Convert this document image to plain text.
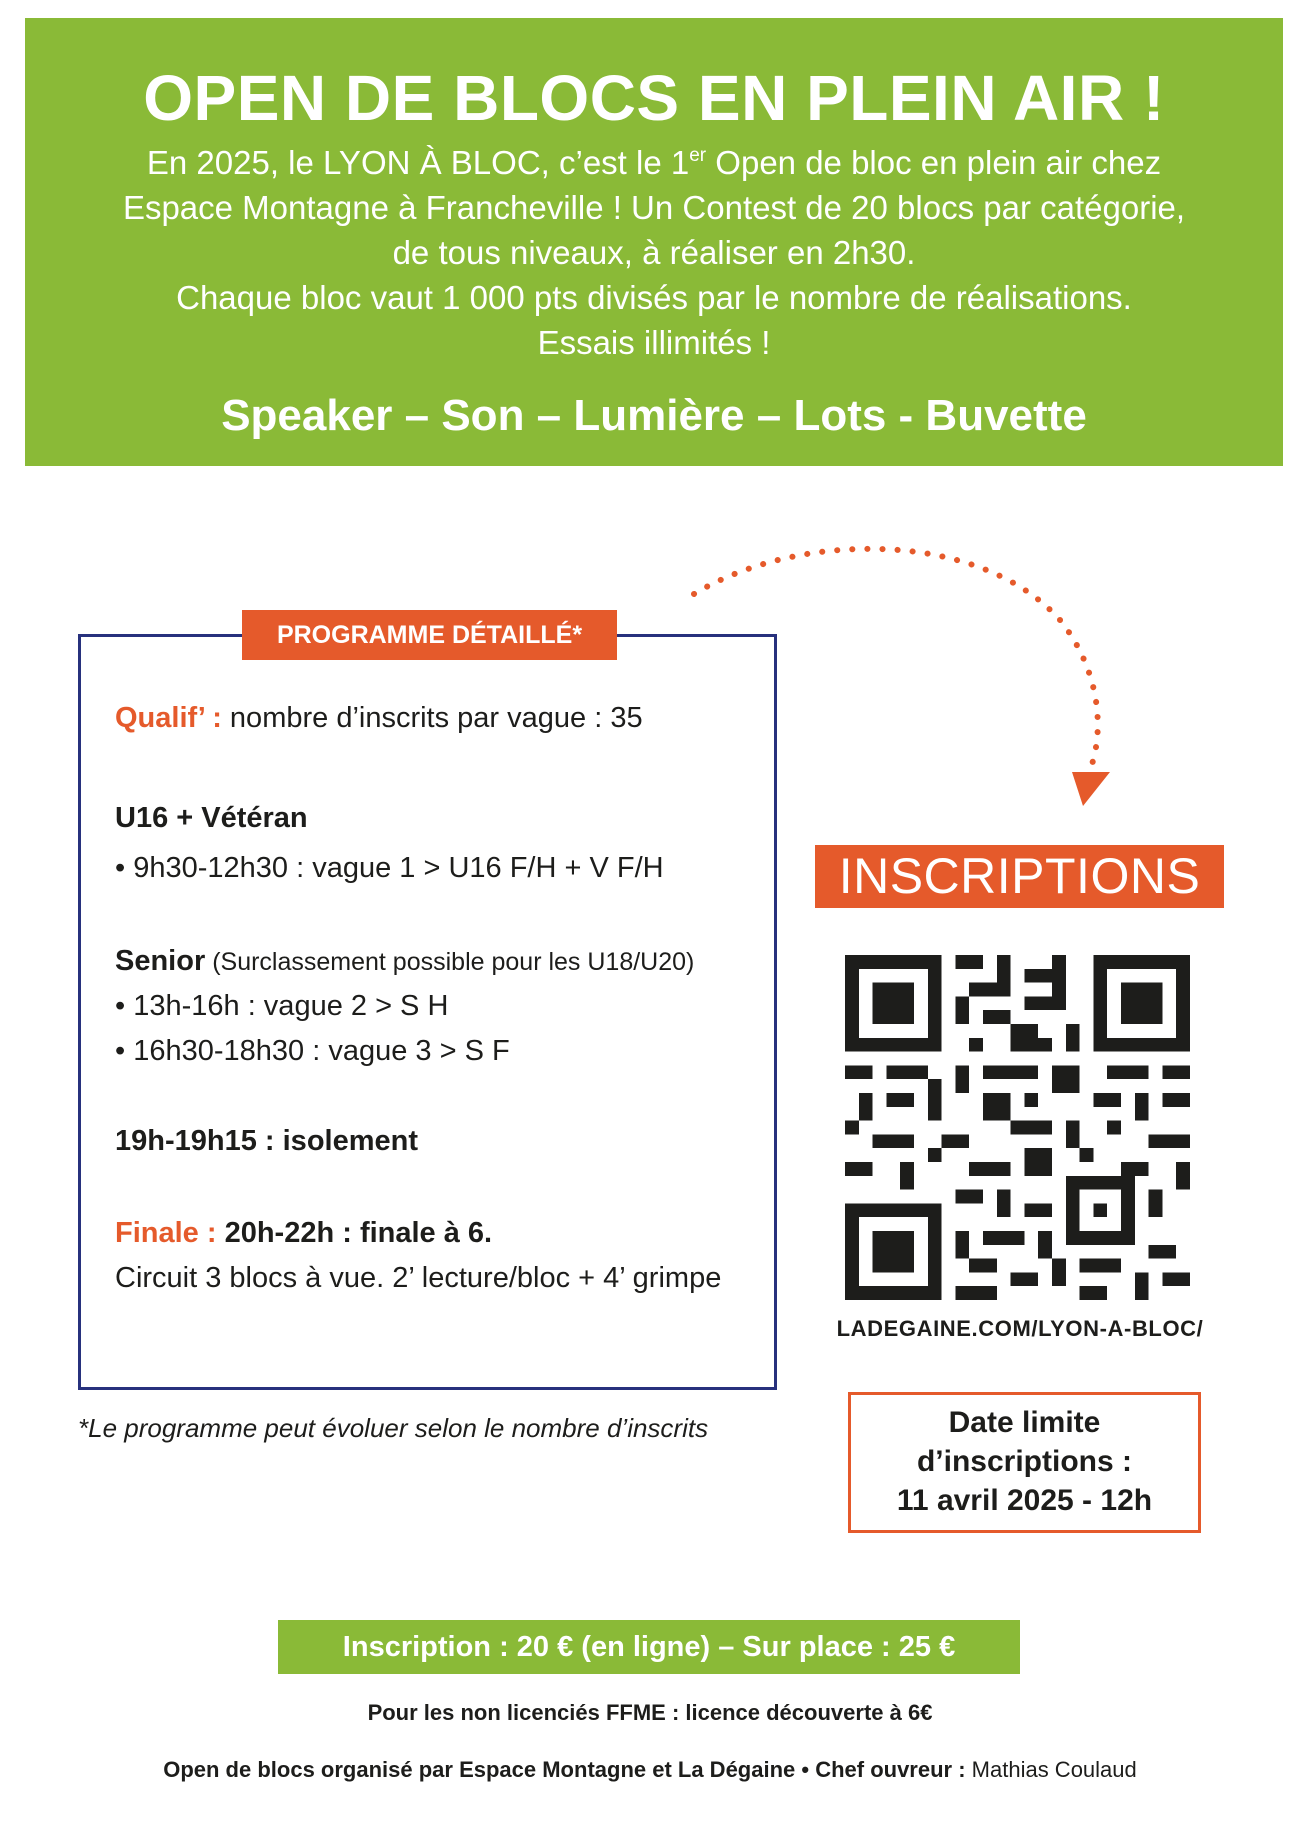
OPEN DE BLOCS EN PLEIN AIR !
En 2025, le LYON À BLOC, c’est le 1er Open de bloc en plein air chez
Espace Montagne à Francheville ! Un Contest de 20 blocs par catégorie,
de tous niveaux, à réaliser en 2h30.
Chaque bloc vaut 1 000 pts divisés par le nombre de réalisations.
Essais illimités !
Speaker – Son – Lumière – Lots - Buvette
PROGRAMME DÉTAILLÉ*
Qualif’ : nombre d’inscrits par vague : 35
U16 + Vétéran
• 9h30-12h30 : vague 1 > U16 F/H + V F/H
Senior (Surclassement possible pour les U18/U20)
• 13h-16h : vague 2 > S H
• 16h30-18h30 : vague 3 > S F
19h-19h15 : isolement
Finale : 20h-22h : finale à 6.
Circuit 3 blocs à vue. 2’ lecture/bloc + 4’ grimpe
*Le programme peut évoluer selon le nombre d’inscrits
INSCRIPTIONS
LADEGAINE.COM/LYON-A-BLOC/
Date limite
d’inscriptions :
11 avril 2025 - 12h
Inscription : 20 € (en ligne) – Sur place : 25 €
Pour les non licenciés FFME : licence découverte à 6€
Open de blocs organisé par Espace Montagne et La Dégaine • Chef ouvreur : Mathias Coulaud
